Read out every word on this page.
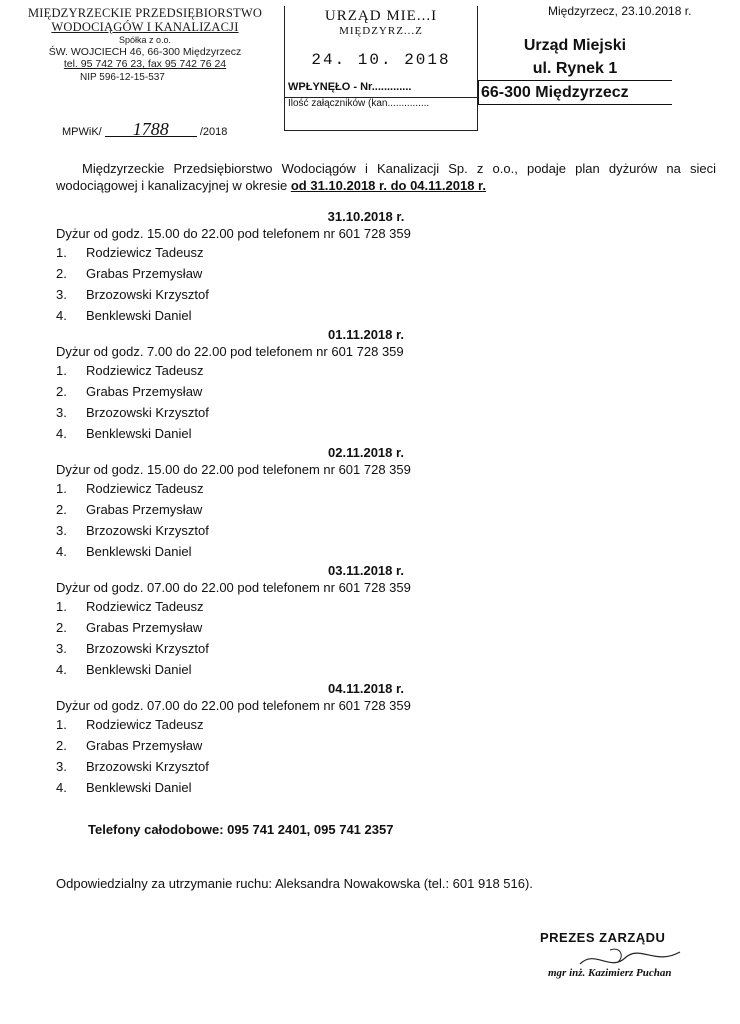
MIĘDZYRZECKIE PRZEDSIĘBIORSTWO
WODOCIĄGÓW I KANALIZACJI
Spółka z o.o.
ŚW. WOJCIECH 46, 66-300 Międzyrzecz
tel. 95 742 76 23, fax 95 742 76 24
NIP 596-12-15-537
MPWiK/ 1788	/2018
URZĄD MIE...I
MIĘDZYRZ...Z
24. 10. 2018
WPŁYNĘŁO - Nr.............
Ilość załączników (kan...............
Międzyrzecz, 23.10.2018 r.
Urząd Miejski
ul. Rynek 1
66-300 Międzyrzecz
Międzyrzeckie Przedsiębiorstwo Wodociągów i Kanalizacji Sp. z o.o., podaje plan dyżurów na sieci wodociągowej i kanalizacyjnej w okresie od 31.10.2018 r. do 04.11.2018 r.
31.10.2018 r.
Dyżur od godz. 15.00 do 22.00 pod telefonem nr 601 728 359
1.	Rodziewicz Tadeusz
2.	Grabas Przemysław
3.	Brzozowski Krzysztof
4.	Benklewski Daniel
01.11.2018 r.
Dyżur od godz. 7.00 do 22.00 pod telefonem nr 601 728 359
1.	Rodziewicz Tadeusz
2.	Grabas Przemysław
3.	Brzozowski Krzysztof
4.	Benklewski Daniel
02.11.2018 r.
Dyżur od godz. 15.00 do 22.00 pod telefonem nr 601 728 359
1.	Rodziewicz Tadeusz
2.	Grabas Przemysław
3.	Brzozowski Krzysztof
4.	Benklewski Daniel
03.11.2018 r.
Dyżur od godz. 07.00 do 22.00 pod telefonem nr 601 728 359
1.	Rodziewicz Tadeusz
2.	Grabas Przemysław
3.	Brzozowski Krzysztof
4.	Benklewski Daniel
04.11.2018 r.
Dyżur od godz. 07.00 do 22.00 pod telefonem nr 601 728 359
1.	Rodziewicz Tadeusz
2.	Grabas Przemysław
3.	Brzozowski Krzysztof
4.	Benklewski Daniel
Telefony całodobowe: 095 741 2401, 095 741 2357
Odpowiedzialny za utrzymanie ruchu: Aleksandra Nowakowska (tel.: 601 918 516).
PREZES ZARZĄDU
mgr inż. Kazimierz Puchan
